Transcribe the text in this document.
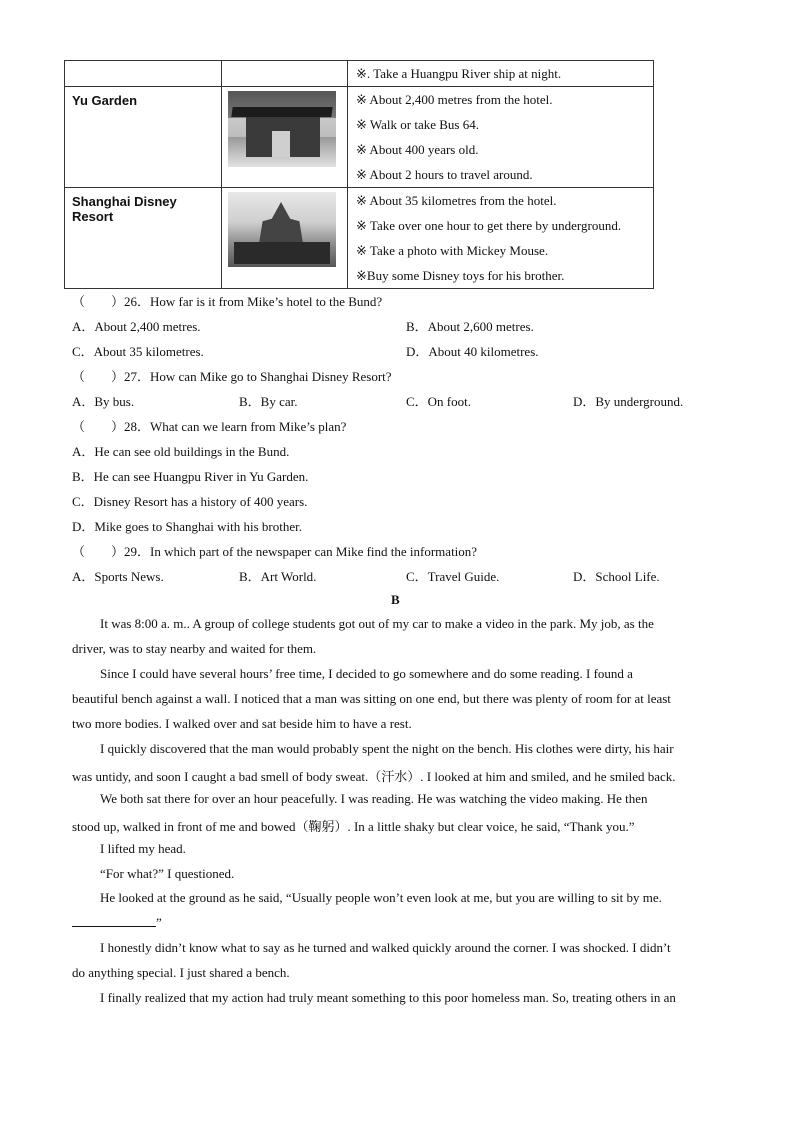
		※. Take a Huangpu River ship at night.

Yu Garden		※ About 2,400 metres from the hotel.
※ Walk or take Bus 64.
※ About 400 years old.
※ About 2 hours to travel around.

Shanghai Disney Resort		※ About 35 kilometres from the hotel.
※ Take over one hour to get there by underground.
※ Take a photo with Mickey Mouse.
※Buy some Disney toys for his brother.
（　　）26．How far is it from Mike’s hotel to the Bund?
A．About 2,400 metres.	B．About 2,600 metres.
C．About 35 kilometres.	D．About 40 kilometres.
（　　）27．How can Mike go to Shanghai Disney Resort?
A．By bus.	B．By car.	C．On foot.	D．By underground.
（　　）28．What can we learn from Mike’s plan?
A．He can see old buildings in the Bund.
B．He can see Huangpu River in Yu Garden.
C．Disney Resort has a history of 400 years.
D．Mike goes to Shanghai with his brother.
（　　）29．In which part of the newspaper can Mike find the information?
A．Sports News.	B．Art World.	C．Travel Guide.	D．School Life.
B
It was 8:00 a. m.. A group of college students got out of my car to make a video in the park. My job, as the
driver, was to stay nearby and waited for them.
Since I could have several hours’ free time, I decided to go somewhere and do some reading. I found a
beautiful bench against a wall. I noticed that a man was sitting on one end, but there was plenty of room for at least
two more bodies. I walked over and sat beside him to have a rest.
I quickly discovered that the man would probably spent the night on the bench. His clothes were dirty, his hair
was untidy, and soon I caught a bad smell of body sweat.（汗水）. I looked at him and smiled, and he smiled back.
We both sat there for over an hour peacefully. I was reading. He was watching the video making. He then
stood up, walked in front of me and bowed（鞠躬）. In a little shaky but clear voice, he said, “Thank you.”
I lifted my head.
“For what?” I questioned.
He looked at the ground as he said, “Usually people won’t even look at me, but you are willing to sit by me.
”
I honestly didn’t know what to say as he turned and walked quickly around the corner. I was shocked. I didn’t
do anything special. I just shared a bench.
I finally realized that my action had truly meant something to this poor homeless man. So, treating others in an
